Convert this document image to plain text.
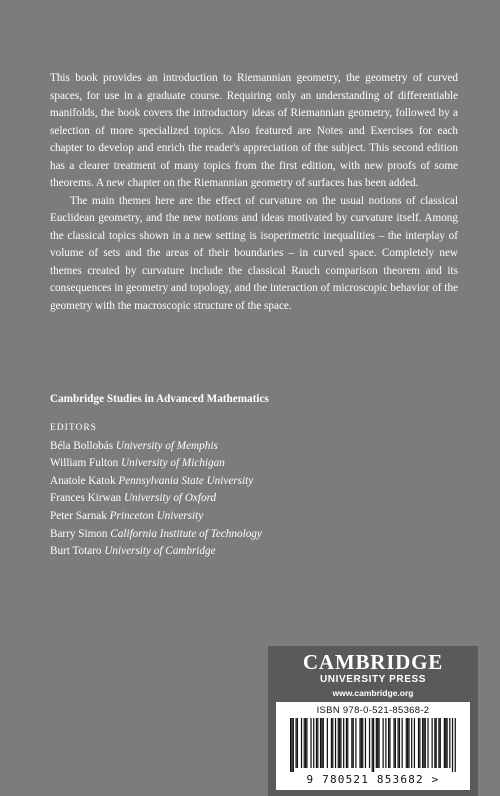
This book provides an introduction to Riemannian geometry, the geometry of curved spaces, for use in a graduate course. Requiring only an understanding of differentiable manifolds, the book covers the introductory ideas of Riemannian geometry, followed by a selection of more specialized topics. Also featured are Notes and Exercises for each chapter to develop and enrich the reader's appreciation of the subject. This second edition has a clearer treatment of many topics from the first edition, with new proofs of some theorems. A new chapter on the Riemannian geometry of surfaces has been added.

The main themes here are the effect of curvature on the usual notions of classical Euclidean geometry, and the new notions and ideas motivated by curvature itself. Among the classical topics shown in a new setting is isoperimetric inequalities – the interplay of volume of sets and the areas of their boundaries – in curved space. Completely new themes created by curvature include the classical Rauch comparison theorem and its consequences in geometry and topology, and the interaction of microscopic behavior of the geometry with the macroscopic structure of the space.

Cambridge Studies in Advanced Mathematics
EDITORS
Béla Bollobás University of Memphis
William Fulton University of Michigan
Anatole Katok Pennsylvania State University
Frances Kirwan University of Oxford
Peter Sarnak Princeton University
Barry Simon California Institute of Technology
Burt Totaro University of Cambridge
CAMBRIDGE
UNIVERSITY PRESS
www.cambridge.org
ISBN 978-0-521-85368-2
9 780521 853682 >
